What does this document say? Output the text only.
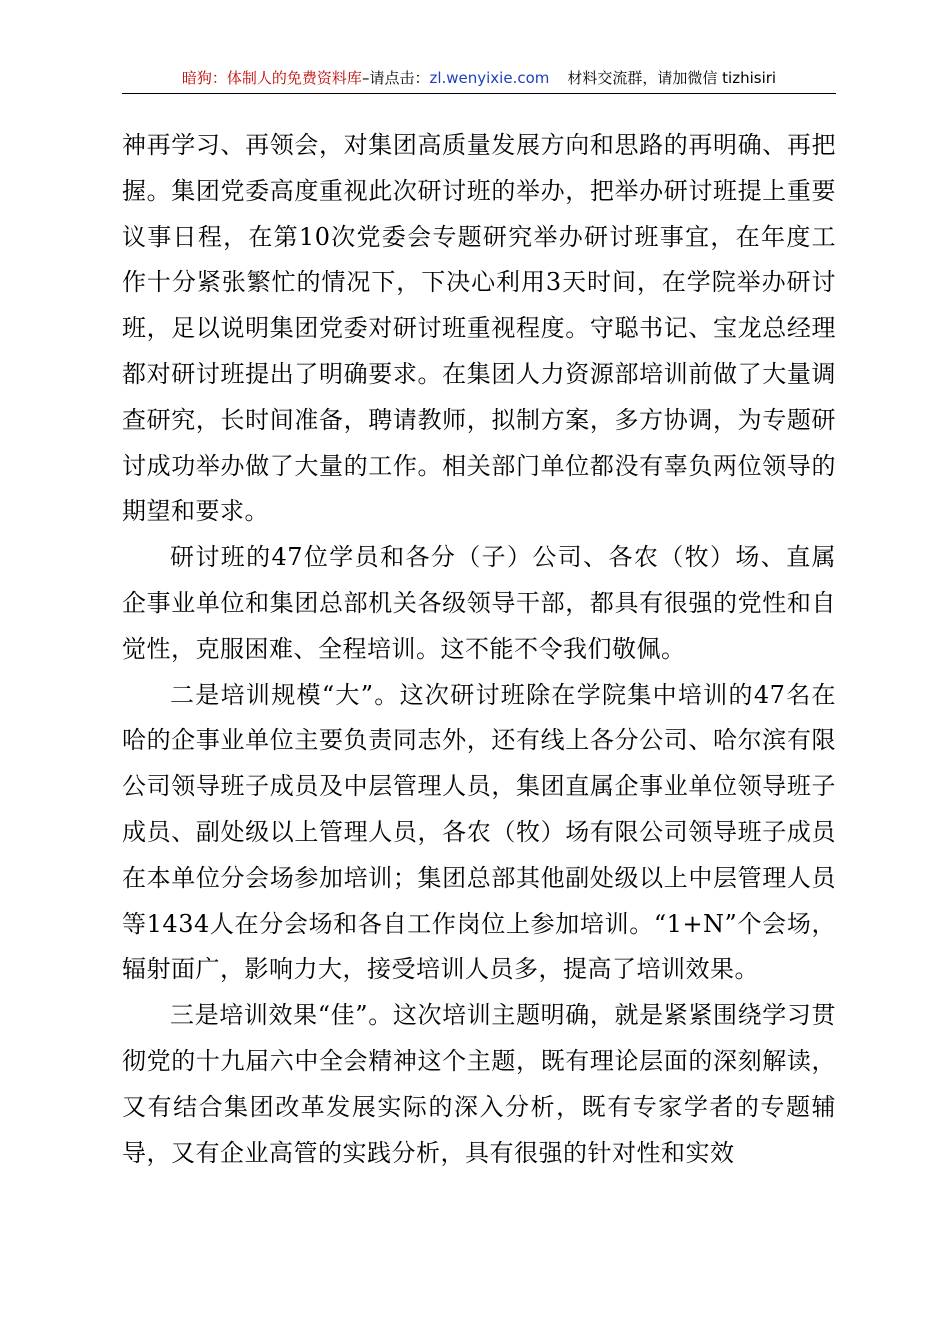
暗狗：体制人的免费资料库–请点击：zl.wenyixie.com 材料交流群，请加微信 tizhisiri

神再学习、再领会，对集团高质量发展方向和思路的再明确、再把握。集团党委高度重视此次研讨班的举办，把举办研讨班提上重要议事日程，在第10次党委会专题研究举办研讨班事宜，在年度工作十分紧张繁忙的情况下，下决心利用3天时间，在学院举办研讨班，足以说明集团党委对研讨班重视程度。守聪书记、宝龙总经理都对研讨班提出了明确要求。在集团人力资源部培训前做了大量调查研究，长时间准备，聘请教师，拟制方案，多方协调，为专题研讨成功举办做了大量的工作。相关部门单位都没有辜负两位领导的期望和要求。

研讨班的47位学员和各分（子）公司、各农（牧）场、直属企事业单位和集团总部机关各级领导干部，都具有很强的党性和自觉性，克服困难、全程培训。这不能不令我们敬佩。

二是培训规模“大”。这次研讨班除在学院集中培训的47名在哈的企事业单位主要负责同志外，还有线上各分公司、哈尔滨有限公司领导班子成员及中层管理人员，集团直属企事业单位领导班子成员、副处级以上管理人员，各农（牧）场有限公司领导班子成员在本单位分会场参加培训；集团总部其他副处级以上中层管理人员等1434人在分会场和各自工作岗位上参加培训。“1+N”个会场，辐射面广，影响力大，接受培训人员多，提高了培训效果。

三是培训效果“佳”。这次培训主题明确，就是紧紧围绕学习贯彻党的十九届六中全会精神这个主题，既有理论层面的深刻解读，又有结合集团改革发展实际的深入分析，既有专家学者的专题辅导，又有企业高管的实践分析，具有很强的针对性和实效
